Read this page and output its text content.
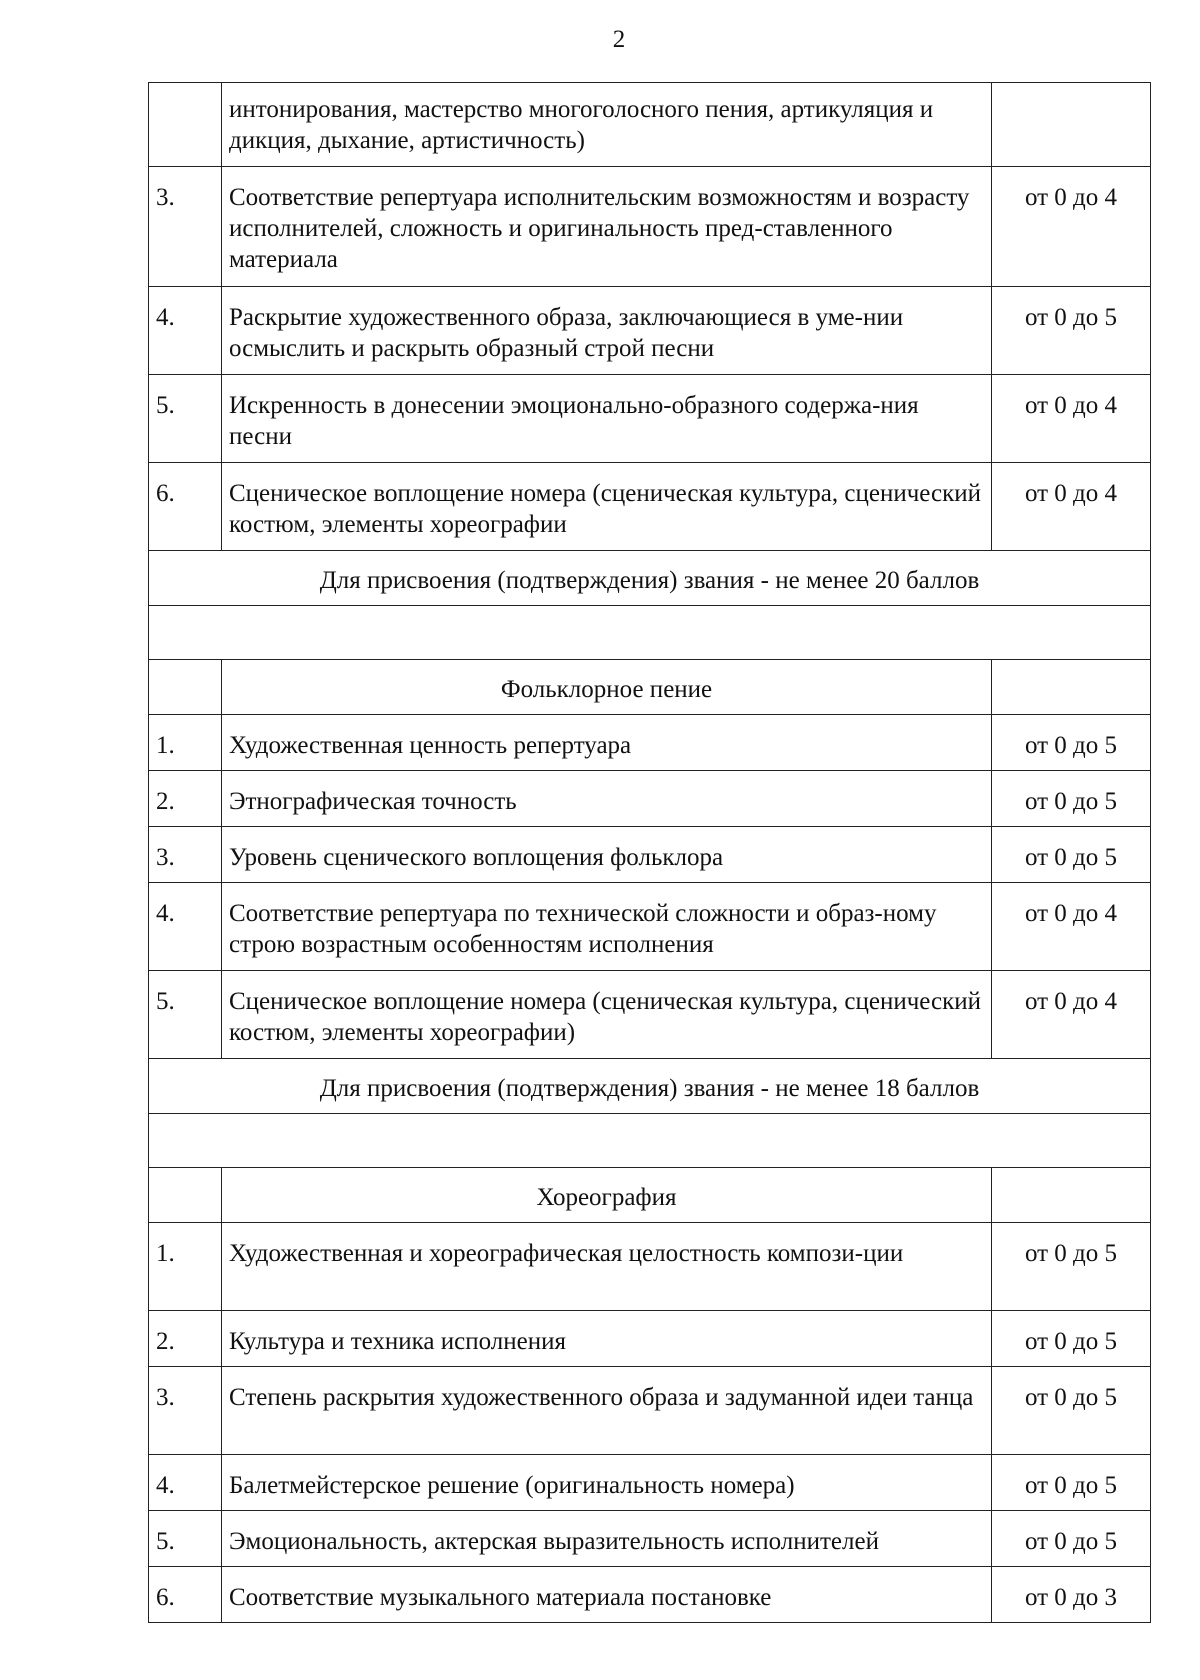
2
	интонирования, мастерство многоголосного пения, артикуляция и дикция, дыхание, артистичность)	
3.	Соответствие репертуара исполнительским возможностям и возрасту исполнителей, сложность и оригинальность пред-ставленного материала	от 0 до 4
4.	Раскрытие художественного образа, заключающиеся в уме-нии осмыслить и раскрыть образный строй песни	от 0 до 5
5.	Искренность в донесении эмоционально-образного содержа-ния песни	от 0 до 4
6.	Сценическое воплощение номера (сценическая культура, сценический костюм, элементы хореографии	от 0 до 4
Для присвоения (подтверждения) звания - не менее 20 баллов		

	Фольклорное пение	
1.	Художественная ценность репертуара	от 0 до 5
2.	Этнографическая точность	от 0 до 5
3.	Уровень сценического воплощения фольклора	от 0 до 5
4.	Соответствие репертуара по технической сложности и образ-ному строю возрастным особенностям исполнения	от 0 до 4
5.	Сценическое воплощение номера (сценическая культура, сценический костюм, элементы хореографии)	от 0 до 4
Для присвоения (подтверждения) звания - не менее 18 баллов		

	Хореография	
1.	Художественная и хореографическая целостность компози-ции	от 0 до 5
2.	Культура и техника исполнения	от 0 до 5
3.	Степень раскрытия художественного образа и задуманной идеи танца	от 0 до 5
4.	Балетмейстерское решение (оригинальность номера)	от 0 до 5
5.	Эмоциональность, актерская выразительность исполнителей	от 0 до 5
6.	Соответствие музыкального материала постановке	от 0 до 3
